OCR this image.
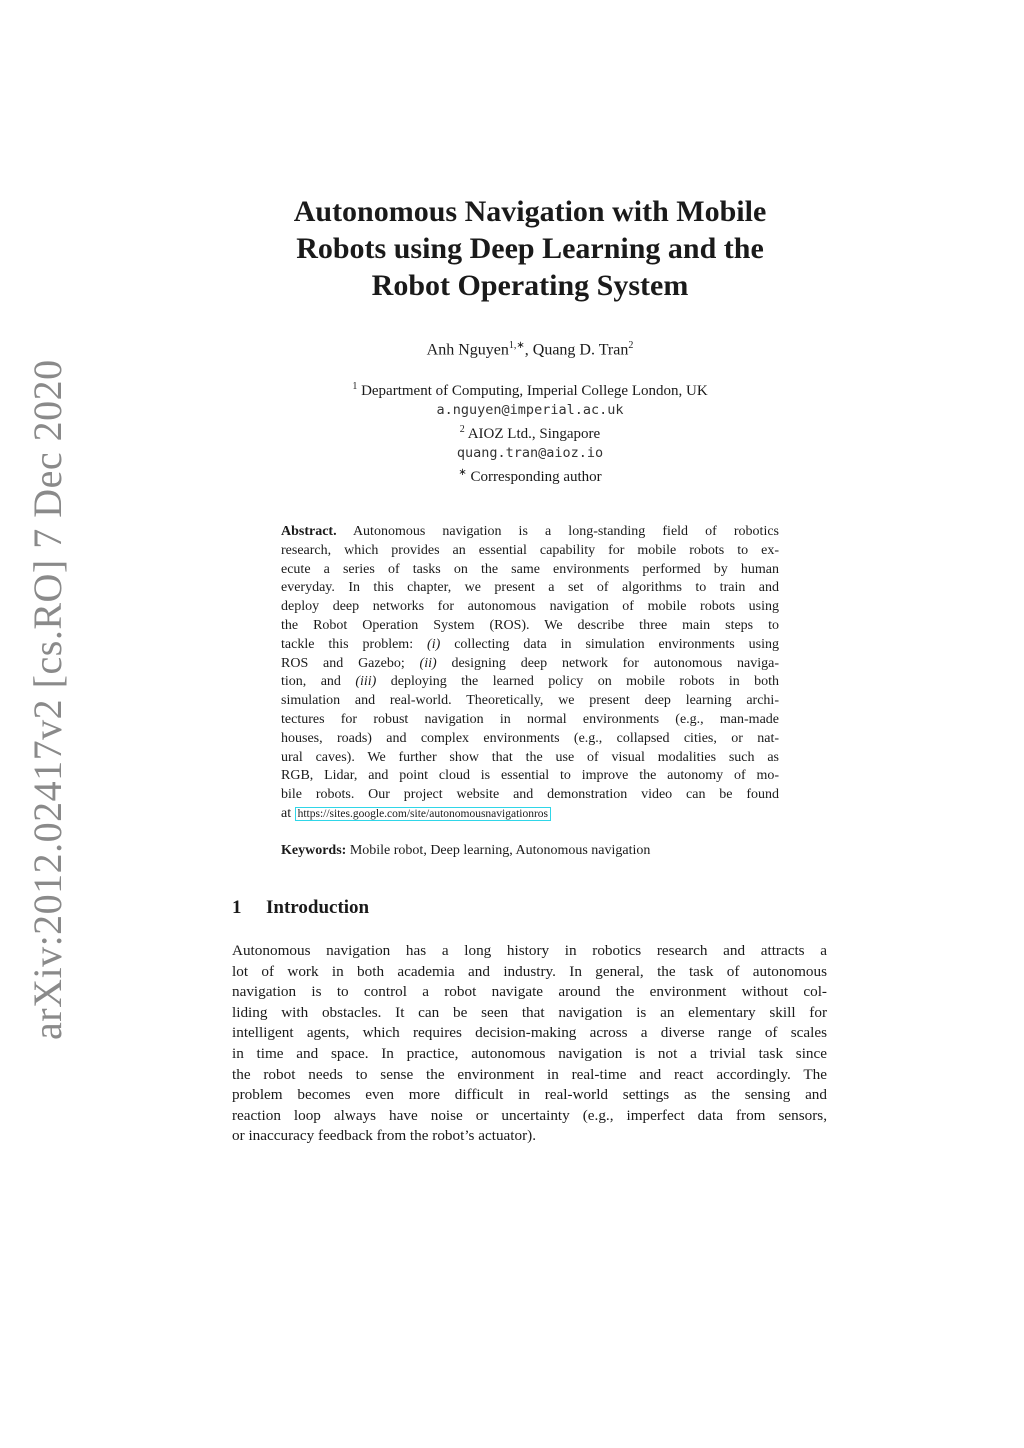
arXiv:2012.02417v2 [cs.RO] 7 Dec 2020
Autonomous Navigation with Mobile
Robots using Deep Learning and the
Robot Operating System
Anh Nguyen$^{1,∗}$, Quang D. Tran$^2$
$^1$ Department of Computing, Imperial College London, UK
a.nguyen@imperial.ac.uk
$^2$ AIOZ Ltd., Singapore
quang.tran@aioz.io
∗ Corresponding author
Abstract. Autonomous navigation is a long-standing field of robotics
research, which provides an essential capability for mobile robots to ex-
ecute a series of tasks on the same environments performed by human
everyday. In this chapter, we present a set of algorithms to train and
deploy deep networks for autonomous navigation of mobile robots using
the Robot Operation System (ROS). We describe three main steps to
tackle this problem: (i) collecting data in simulation environments using
ROS and Gazebo; (ii) designing deep network for autonomous naviga-
tion, and (iii) deploying the learned policy on mobile robots in both
simulation and real-world. Theoretically, we present deep learning archi-
tectures for robust navigation in normal environments (e.g., man-made
houses, roads) and complex environments (e.g., collapsed cities, or nat-
ural caves). We further show that the use of visual modalities such as
RGB, Lidar, and point cloud is essential to improve the autonomy of mo-
bile robots. Our project website and demonstration video can be found
at https://sites.google.com/site/autonomousnavigationros
Keywords: Mobile robot, Deep learning, Autonomous navigation
1 Introduction
Autonomous navigation has a long history in robotics research and attracts a
lot of work in both academia and industry. In general, the task of autonomous
navigation is to control a robot navigate around the environment without col-
liding with obstacles. It can be seen that navigation is an elementary skill for
intelligent agents, which requires decision-making across a diverse range of scales
in time and space. In practice, autonomous navigation is not a trivial task since
the robot needs to sense the environment in real-time and react accordingly. The
problem becomes even more difficult in real-world settings as the sensing and
reaction loop always have noise or uncertainty (e.g., imperfect data from sensors,
or inaccuracy feedback from the robot’s actuator).
